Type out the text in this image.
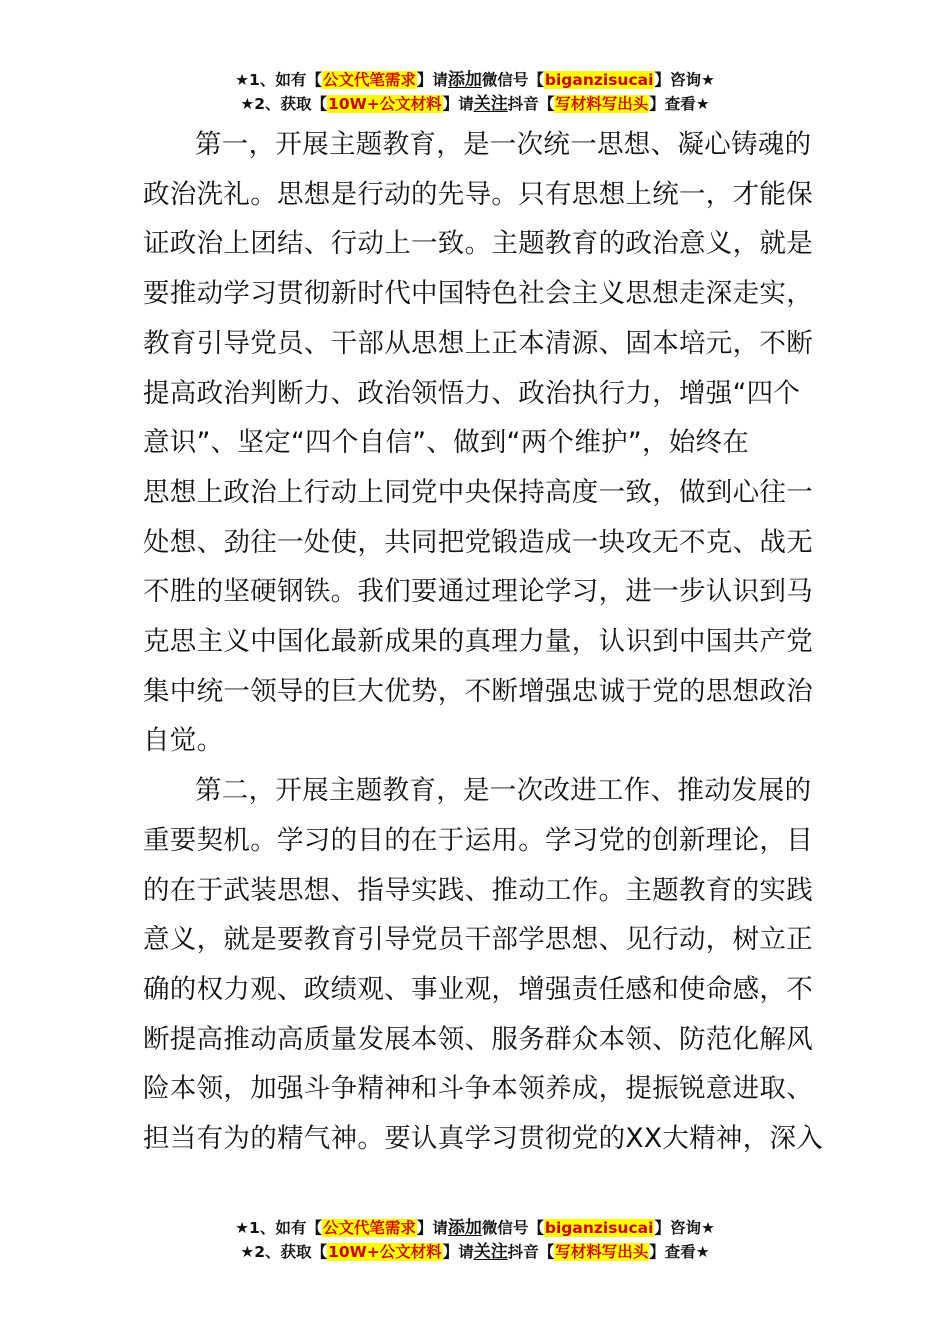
★1、如有【公文代笔需求】请添加微信号【biganzisucai】咨询★
★2、获取【10W+公文材料】请关注抖音【写材料写出头】查看★

第一，开展主题教育，是一次统一思想、凝心铸魂的
政治洗礼。思想是行动的先导。只有思想上统一，才能保
证政治上团结、行动上一致。主题教育的政治意义，就是
要推动学习贯彻新时代中国特色社会主义思想走深走实，
教育引导党员、干部从思想上正本清源、固本培元，不断
提高政治判断力、政治领悟力、政治执行力，增强“四个
意识”、坚定“四个自信”、做到“两个维护”，始终在
思想上政治上行动上同党中央保持高度一致，做到心往一
处想、劲往一处使，共同把党锻造成一块攻无不克、战无
不胜的坚硬钢铁。我们要通过理论学习，进一步认识到马
克思主义中国化最新成果的真理力量，认识到中国共产党
集中统一领导的巨大优势，不断增强忠诚于党的思想政治
自觉。

第二，开展主题教育，是一次改进工作、推动发展的
重要契机。学习的目的在于运用。学习党的创新理论，目
的在于武装思想、指导实践、推动工作。主题教育的实践
意义，就是要教育引导党员干部学思想、见行动，树立正
确的权力观、政绩观、事业观，增强责任感和使命感，不
断提高推动高质量发展本领、服务群众本领、防范化解风
险本领，加强斗争精神和斗争本领养成，提振锐意进取、
担当有为的精气神。要认真学习贯彻党的XX大精神，深入

★1、如有【公文代笔需求】请添加微信号【biganzisucai】咨询★
★2、获取【10W+公文材料】请关注抖音【写材料写出头】查看★
